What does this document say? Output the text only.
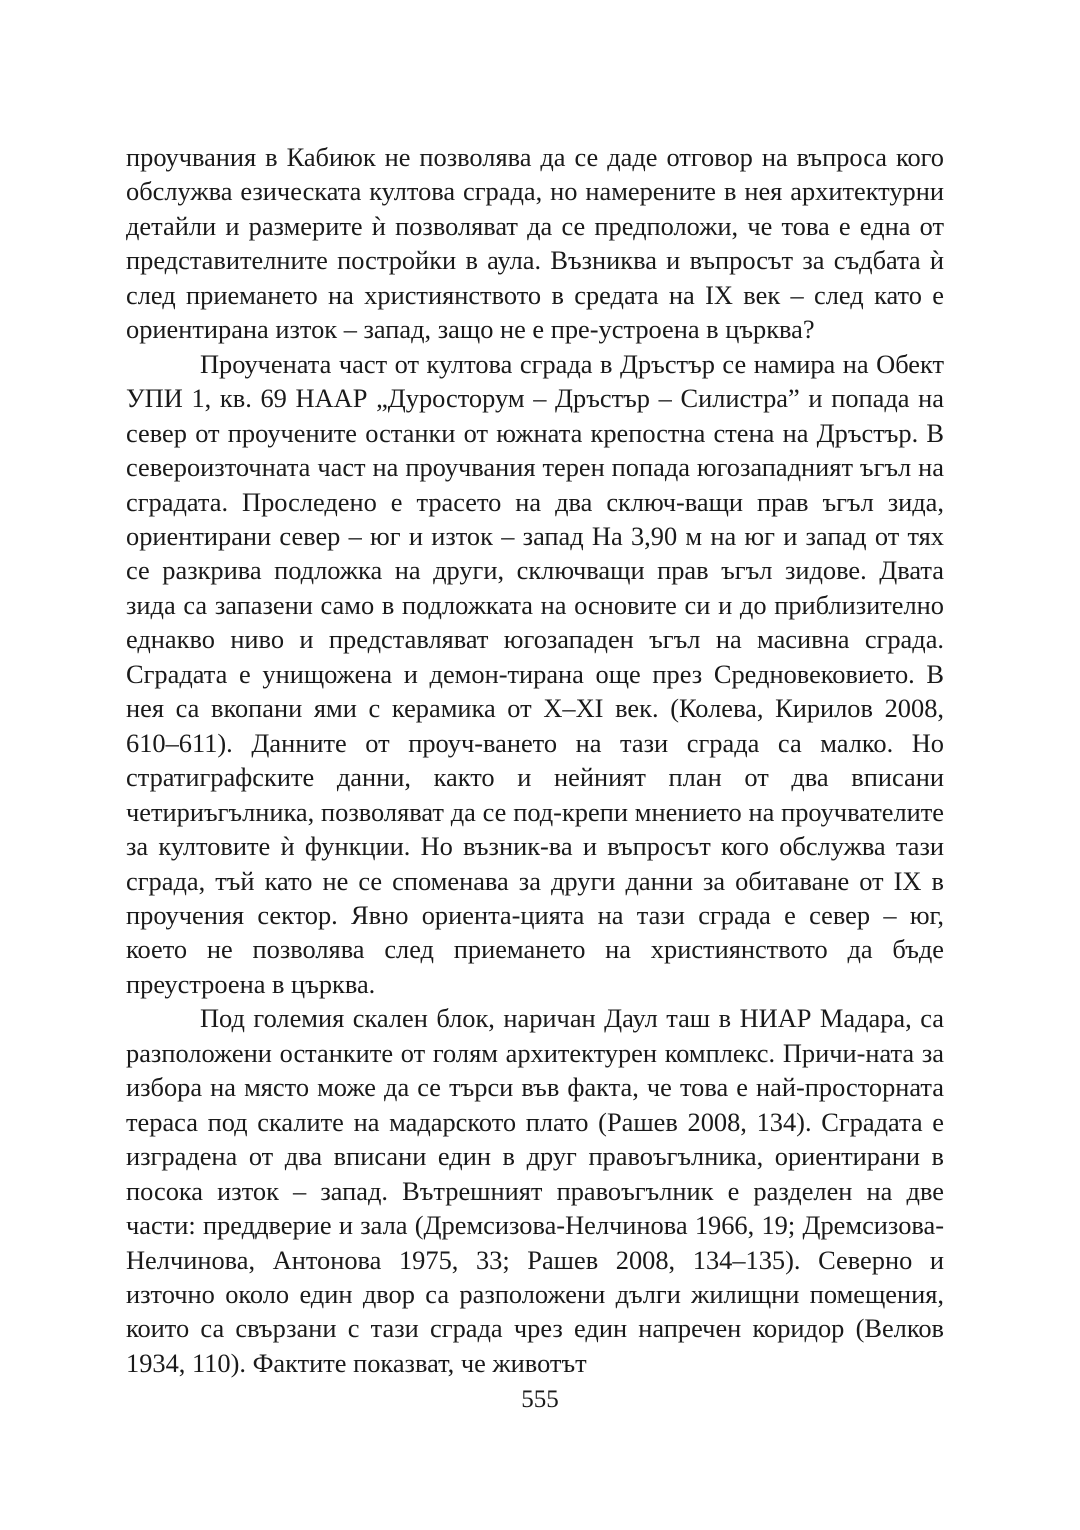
проучвания в Кабиюк не позволява да се даде отговор на въпроса кого обслужва езическата култова сграда, но намерените в нея архитектурни детайли и размерите ѝ позволяват да се предположи, че това е една от представителните постройки в аула. Възниква и въпросът за съдбата ѝ след приемането на християнството в средата на IX век – след като е ориентирана изток – запад, защо не е пре-устроена в църква?

Проучената част от култова сграда в Дръстър се намира на Обект УПИ 1, кв. 69 НААР „Дуросторум – Дръстър – Силистра” и попада на север от проучените останки от южната крепостна стена на Дръстър. В североизточната част на проучвания терен попада югозападният ъгъл на сградата. Проследено е трасето на два сключ-ващи прав ъгъл зида, ориентирани север – юг и изток – запад На 3,90 м на юг и запад от тях се разкрива подложка на други, сключващи прав ъгъл зидове. Двата зида са запазени само в подложката на основите си и до приблизително еднакво ниво и представляват югозападен ъгъл на масивна сграда. Сградата е унищожена и демон-тирана още през Средновековието. В нея са вкопани ями с керамика от X–XI век. (Колева, Кирилов 2008, 610–611). Данните от проуч-ването на тази сграда са малко. Но стратиграфските данни, както и нейният план от два вписани четириъгълника, позволяват да се под-крепи мнението на проучвателите за култовите ѝ функции. Но възник-ва и въпросът кого обслужва тази сграда, тъй като не се споменава за други данни за обитаване от IX в проучения сектор. Явно ориента-цията на тази сграда е север – юг, което не позволява след приемането на християнството да бъде преустроена в църква.

Под големия скален блок, наричан Даул таш в НИАР Мадара, са разположени останките от голям архитектурен комплекс. Причи-ната за избора на място може да се търси във факта, че това е най-просторната тераса под скалите на мадарското плато (Рашев 2008, 134). Сградата е изградена от два вписани един в друг правоъгълника, ориентирани в посока изток – запад. Вътрешният правоъгълник е разделен на две части: преддверие и зала (Дремсизова-Нелчинова 1966, 19; Дремсизова-Нелчинова, Антонова 1975, 33; Рашев 2008, 134–135). Северно и източно около един двор са разположени дълги жилищни помещения, които са свързани с тази сграда чрез един напречен коридор (Велков 1934, 110). Фактите показват, че животът

555
